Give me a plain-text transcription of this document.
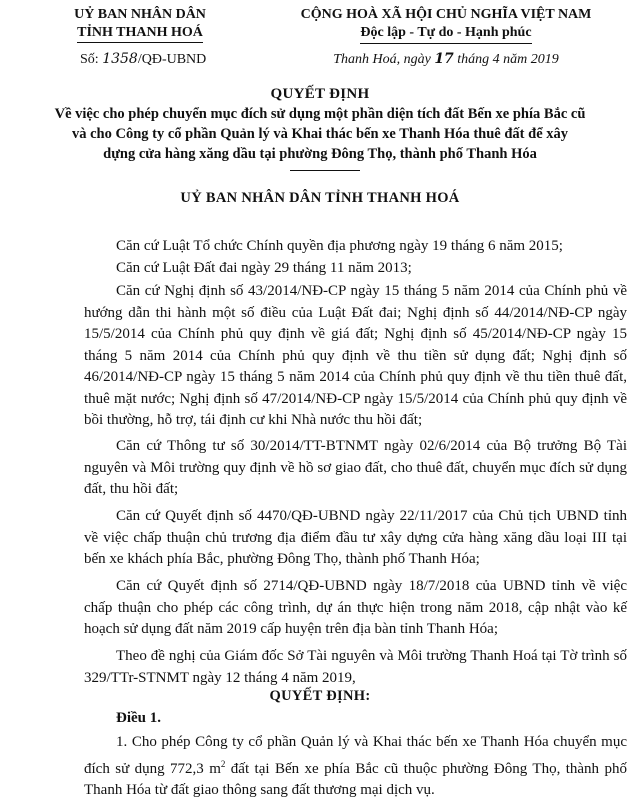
UỶ BAN NHÂN DÂN
TỈNH THANH HOÁ
Số: 1358/QĐ-UBND
CỘNG HOÀ XÃ HỘI CHỦ NGHĨA VIỆT NAM
Độc lập - Tự do - Hạnh phúc
Thanh Hoá, ngày 17 tháng 4 năm 2019
QUYẾT ĐỊNH
Về việc cho phép chuyển mục đích sử dụng một phần diện tích đất Bến xe phía Bắc cũ
và cho Công ty cổ phần Quản lý và Khai thác bến xe Thanh Hóa thuê đất để xây
dựng cửa hàng xăng dầu tại phường Đông Thọ, thành phố Thanh Hóa
UỶ BAN NHÂN DÂN TỈNH THANH HOÁ
Căn cứ Luật Tổ chức Chính quyền địa phương ngày 19 tháng 6 năm 2015;
Căn cứ Luật Đất đai ngày 29 tháng 11 năm 2013;
Căn cứ Nghị định số 43/2014/NĐ-CP ngày 15 tháng 5 năm 2014 của Chính phủ về hướng dẫn thi hành một số điều của Luật Đất đai; Nghị định số 44/2014/NĐ-CP ngày 15/5/2014 của Chính phủ quy định về giá đất; Nghị định số 45/2014/NĐ-CP ngày 15 tháng 5 năm 2014 của Chính phủ quy định về thu tiền sử dụng đất; Nghị định số 46/2014/NĐ-CP ngày 15 tháng 5 năm 2014 của Chính phủ quy định về thu tiền thuê đất, thuê mặt nước; Nghị định số 47/2014/NĐ-CP ngày 15/5/2014 của Chính phủ quy định về bồi thường, hỗ trợ, tái định cư khi Nhà nước thu hồi đất;
Căn cứ Thông tư số 30/2014/TT-BTNMT ngày 02/6/2014 của Bộ trưởng Bộ Tài nguyên và Môi trường quy định về hồ sơ giao đất, cho thuê đất, chuyển mục đích sử dụng đất, thu hồi đất;
Căn cứ Quyết định số 4470/QĐ-UBND ngày 22/11/2017 của Chủ tịch UBND tỉnh về việc chấp thuận chủ trương địa điểm đầu tư xây dựng cửa hàng xăng dầu loại III tại bến xe khách phía Bắc, phường Đông Thọ, thành phố Thanh Hóa;
Căn cứ Quyết định số 2714/QĐ-UBND ngày 18/7/2018 của UBND tỉnh về việc chấp thuận cho phép các công trình, dự án thực hiện trong năm 2018, cập nhật vào kế hoạch sử dụng đất năm 2019 cấp huyện trên địa bàn tỉnh Thanh Hóa;
Theo đề nghị của Giám đốc Sở Tài nguyên và Môi trường Thanh Hoá tại Tờ trình số 329/TTr-STNMT ngày 12 tháng 4 năm 2019,
QUYẾT ĐỊNH:
Điều 1.
1. Cho phép Công ty cổ phần Quản lý và Khai thác bến xe Thanh Hóa chuyển mục đích sử dụng 772,3 $m^2$ đất tại Bến xe phía Bắc cũ thuộc phường Đông Thọ, thành phố Thanh Hóa từ đất giao thông sang đất thương mại dịch vụ.
